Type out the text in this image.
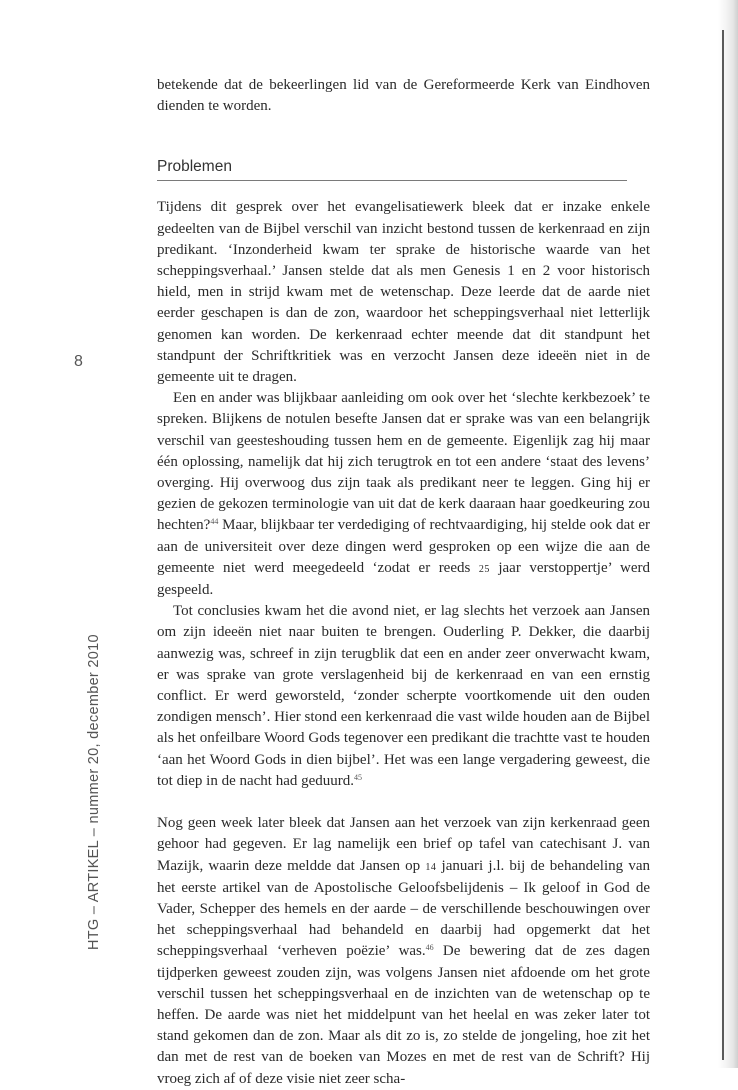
8
HTG – ARTIKEL – nummer 20, december 2010

betekende dat de bekeerlingen lid van de Gereformeerde Kerk van Eindhoven dienden te worden.

Problemen

Tijdens dit gesprek over het evangelisatiewerk bleek dat er inzake enkele gedeelten van de Bijbel verschil van inzicht bestond tussen de kerkenraad en zijn predikant. ‘Inzonderheid kwam ter sprake de historische waarde van het scheppingsverhaal.’ Jansen stelde dat als men Genesis 1 en 2 voor historisch hield, men in strijd kwam met de wetenschap. Deze leerde dat de aarde niet eerder geschapen is dan de zon, waardoor het scheppingsverhaal niet letterlijk genomen kan worden. De kerkenraad echter meende dat dit standpunt het standpunt der Schriftkritiek was en verzocht Jansen deze ideeën niet in de gemeente uit te dragen.

Een en ander was blijkbaar aanleiding om ook over het ‘slechte kerkbezoek’ te spreken. Blijkens de notulen besefte Jansen dat er sprake was van een belangrijk verschil van geesteshouding tussen hem en de gemeente. Eigenlijk zag hij maar één oplossing, namelijk dat hij zich terugtrok en tot een andere ‘staat des levens’ overging. Hij overwoog dus zijn taak als predikant neer te leggen. Ging hij er gezien de gekozen terminologie van uit dat de kerk daaraan haar goedkeuring zou hechten?$^{44}$ Maar, blijkbaar ter verdediging of rechtvaardiging, hij stelde ook dat er aan de universiteit over deze dingen werd gesproken op een wijze die aan de gemeente niet werd meegedeeld ‘zodat er reeds 25 jaar verstoppertje’ werd gespeeld.

Tot conclusies kwam het die avond niet, er lag slechts het verzoek aan Jansen om zijn ideeën niet naar buiten te brengen. Ouderling P. Dekker, die daarbij aanwezig was, schreef in zijn terugblik dat een en ander zeer onverwacht kwam, er was sprake van grote verslagenheid bij de kerkenraad en van een ernstig conflict. Er werd geworsteld, ‘zonder scherpte voortkomende uit den ouden zondigen mensch’. Hier stond een kerkenraad die vast wilde houden aan de Bijbel als het onfeilbare Woord Gods tegenover een predikant die trachtte vast te houden ‘aan het Woord Gods in dien bijbel’. Het was een lange vergadering geweest, die tot diep in de nacht had geduurd.$^{45}$

Nog geen week later bleek dat Jansen aan het verzoek van zijn kerkenraad geen gehoor had gegeven. Er lag namelijk een brief op tafel van catechisant J. van Mazijk, waarin deze meldde dat Jansen op 14 januari j.l. bij de behandeling van het eerste artikel van de Apostolische Geloofsbelijdenis – Ik geloof in God de Vader, Schepper des hemels en der aarde – de verschillende beschouwingen over het scheppingsverhaal had behandeld en daarbij had opgemerkt dat het scheppingsverhaal ‘verheven poëzie’ was.$^{46}$ De bewering dat de zes dagen tijdperken geweest zouden zijn, was volgens Jansen niet afdoende om het grote verschil tussen het scheppingsverhaal en de inzichten van de wetenschap op te heffen. De aarde was niet het middelpunt van het heelal en was zeker later tot stand gekomen dan de zon. Maar als dit zo is, zo stelde de jongeling, hoe zit het dan met de rest van de boeken van Mozes en met de rest van de Schrift? Hij vroeg zich af of deze visie niet zeer scha-
